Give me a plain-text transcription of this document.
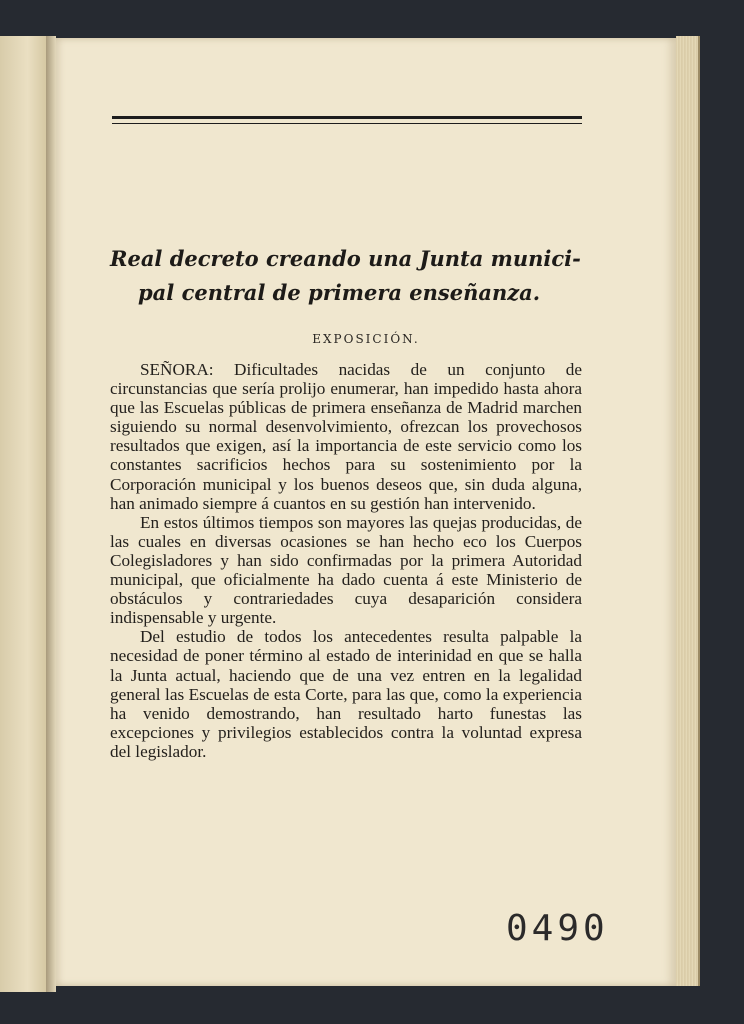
Real decreto creando una Junta munici-
pal central de primera enseñanza.
EXPOSICIÓN.

SEÑORA: Dificultades nacidas de un conjunto de circunstancias que sería prolijo enumerar, han impedido hasta ahora que las Escuelas públicas de primera enseñanza de Madrid marchen siguiendo su normal desenvolvimiento, ofrezcan los provechosos resultados que exigen, así la importancia de este servicio como los constantes sacrificios hechos para su sostenimiento por la Corporación municipal y los buenos deseos que, sin duda alguna, han animado siempre á cuantos en su gestión han intervenido.

En estos últimos tiempos son mayores las quejas producidas, de las cuales en diversas ocasiones se han hecho eco los Cuerpos Colegisladores y han sido confirmadas por la primera Autoridad municipal, que oficialmente ha dado cuenta á este Ministerio de obstáculos y contrariedades cuya desaparición considera indispensable y urgente.

Del estudio de todos los antecedentes resulta palpable la necesidad de poner término al estado de interinidad en que se halla la Junta actual, haciendo que de una vez entren en la legalidad general las Escuelas de esta Corte, para las que, como la experiencia ha venido demostrando, han resultado harto funestas las excepciones y privilegios establecidos contra la voluntad expresa del legislador.

0490
